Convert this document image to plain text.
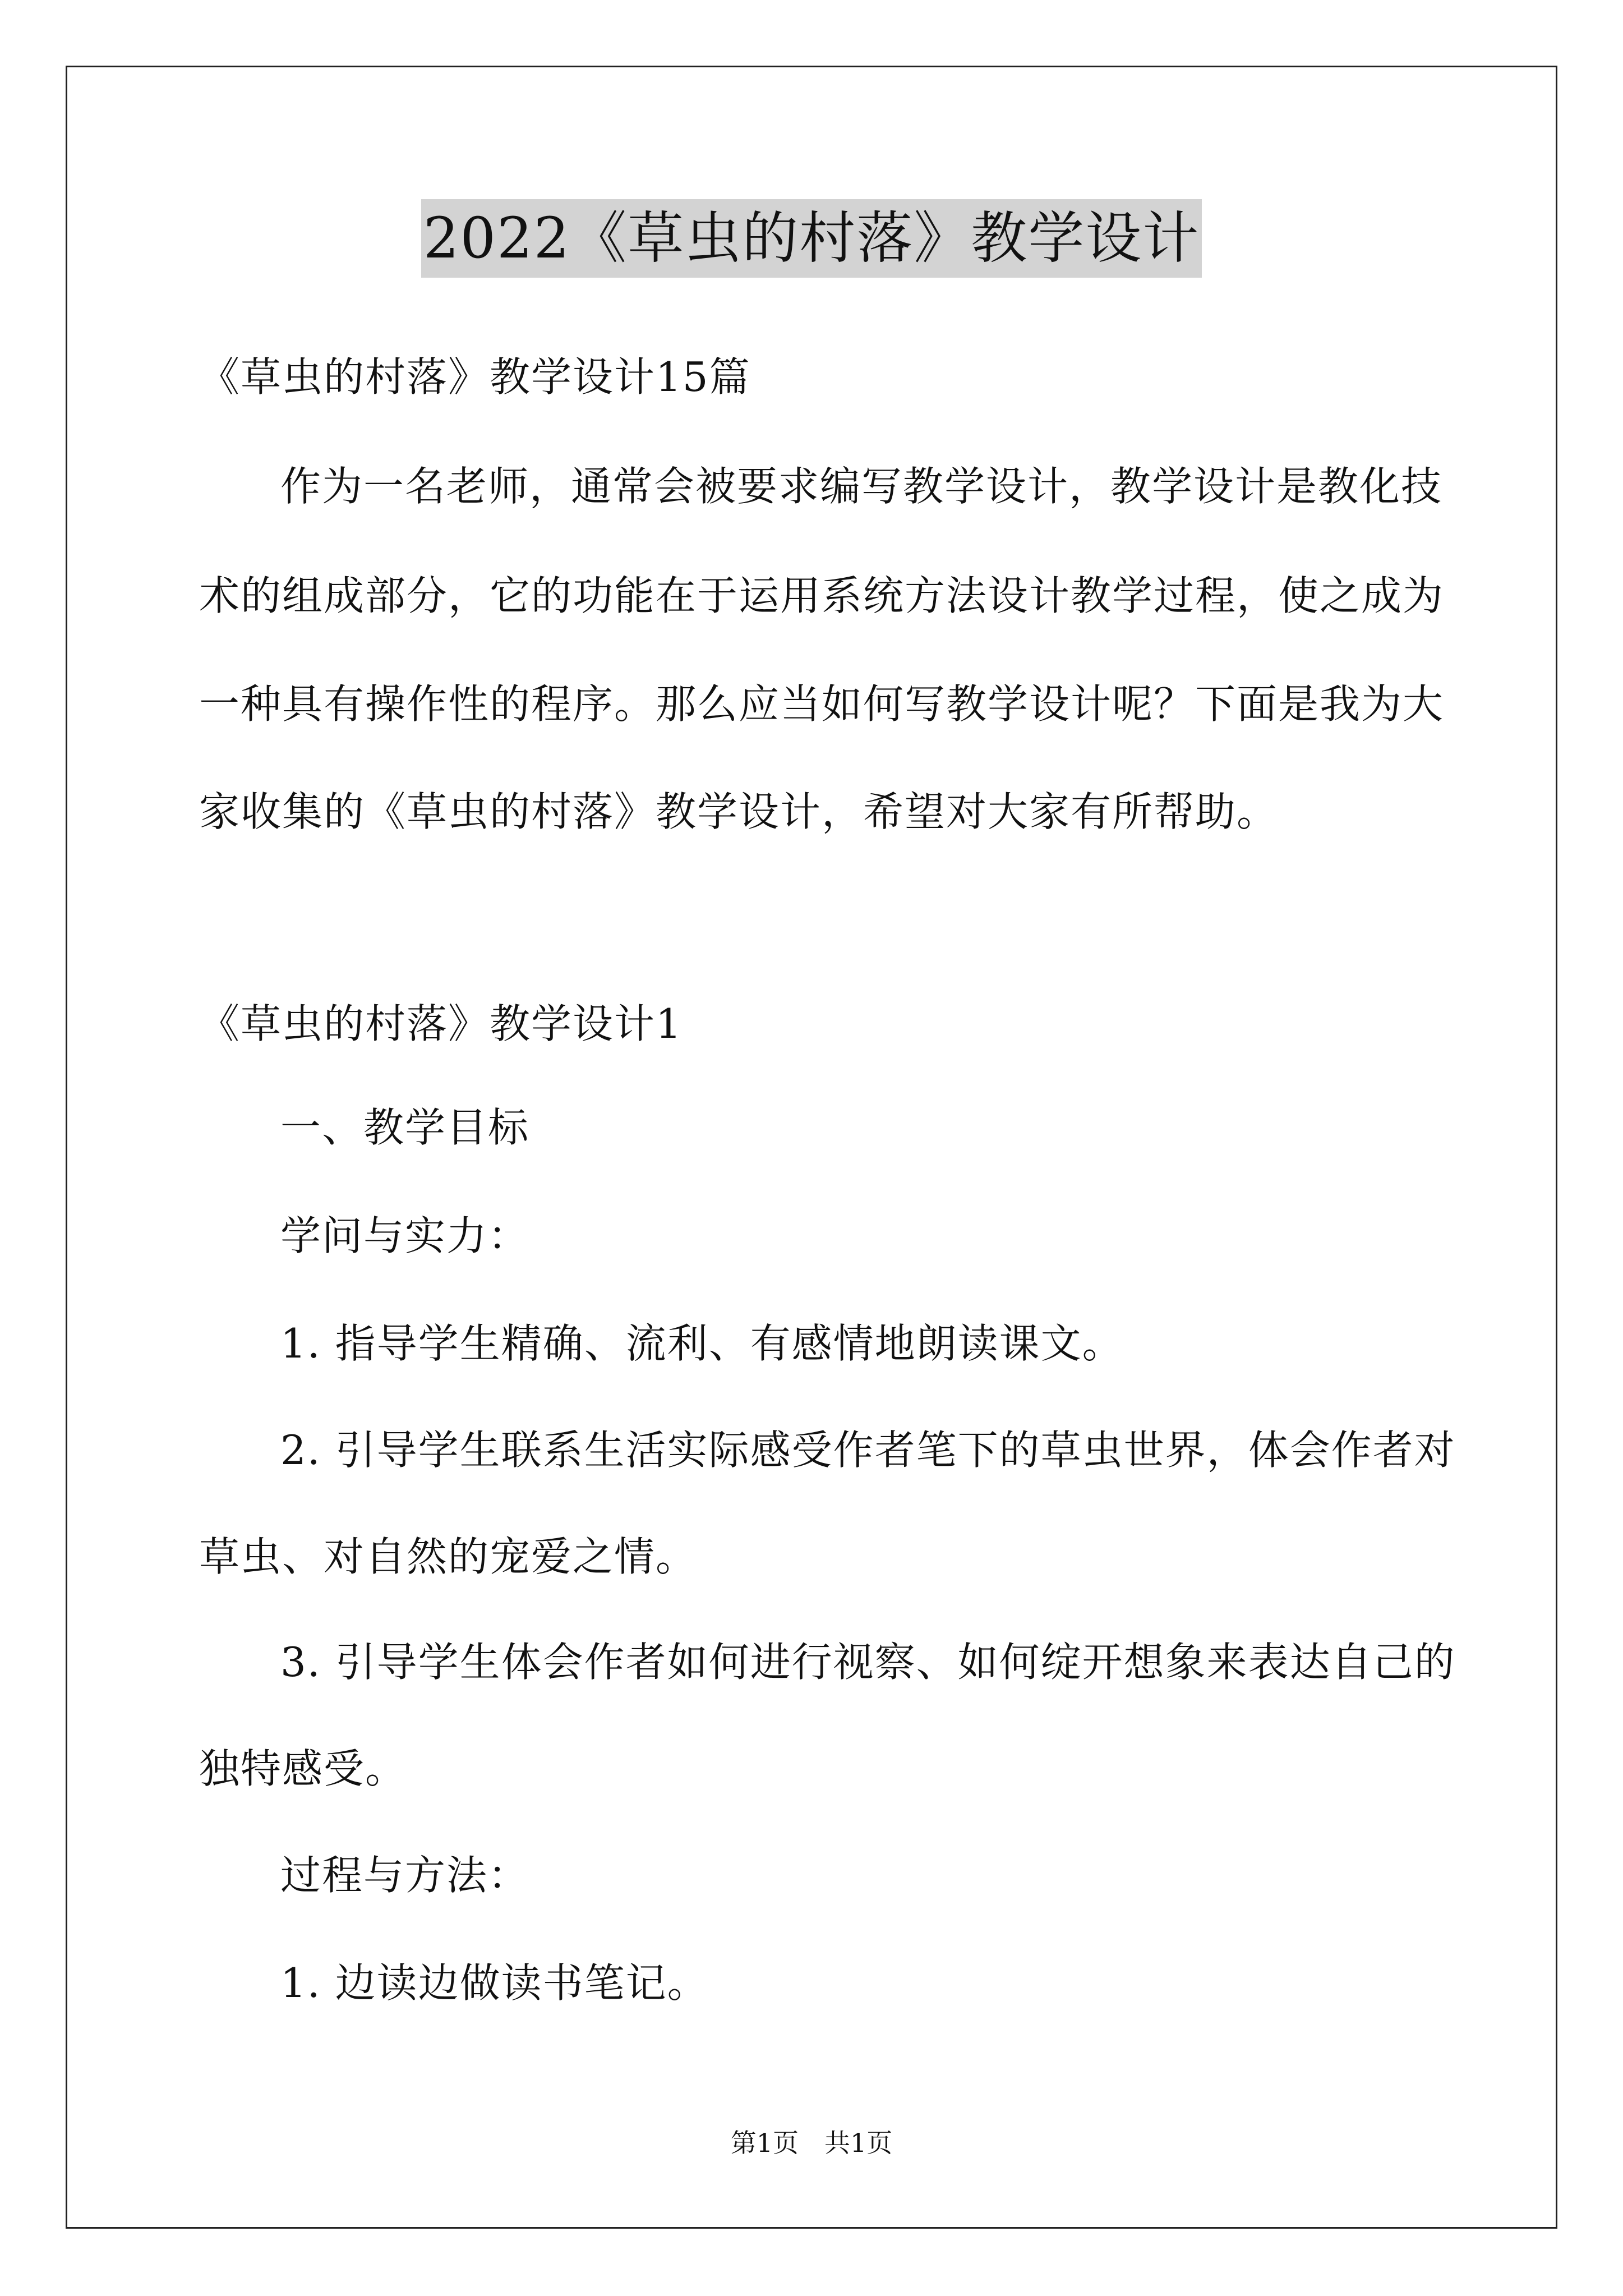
2022《草虫的村落》教学设计
《草虫的村落》教学设计15篇
作为一名老师，通常会被要求编写教学设计，教学设计是教化技
术的组成部分，它的功能在于运用系统方法设计教学过程，使之成为
一种具有操作性的程序。那么应当如何写教学设计呢？下面是我为大
家收集的《草虫的村落》教学设计，希望对大家有所帮助。
《草虫的村落》教学设计1
一、教学目标
学问与实力：
1. 指导学生精确、流利、有感情地朗读课文。
2. 引导学生联系生活实际感受作者笔下的草虫世界，体会作者对
草虫、对自然的宠爱之情。
3. 引导学生体会作者如何进行视察、如何绽开想象来表达自己的
独特感受。
过程与方法：
1. 边读边做读书笔记。
第1页　共1页
